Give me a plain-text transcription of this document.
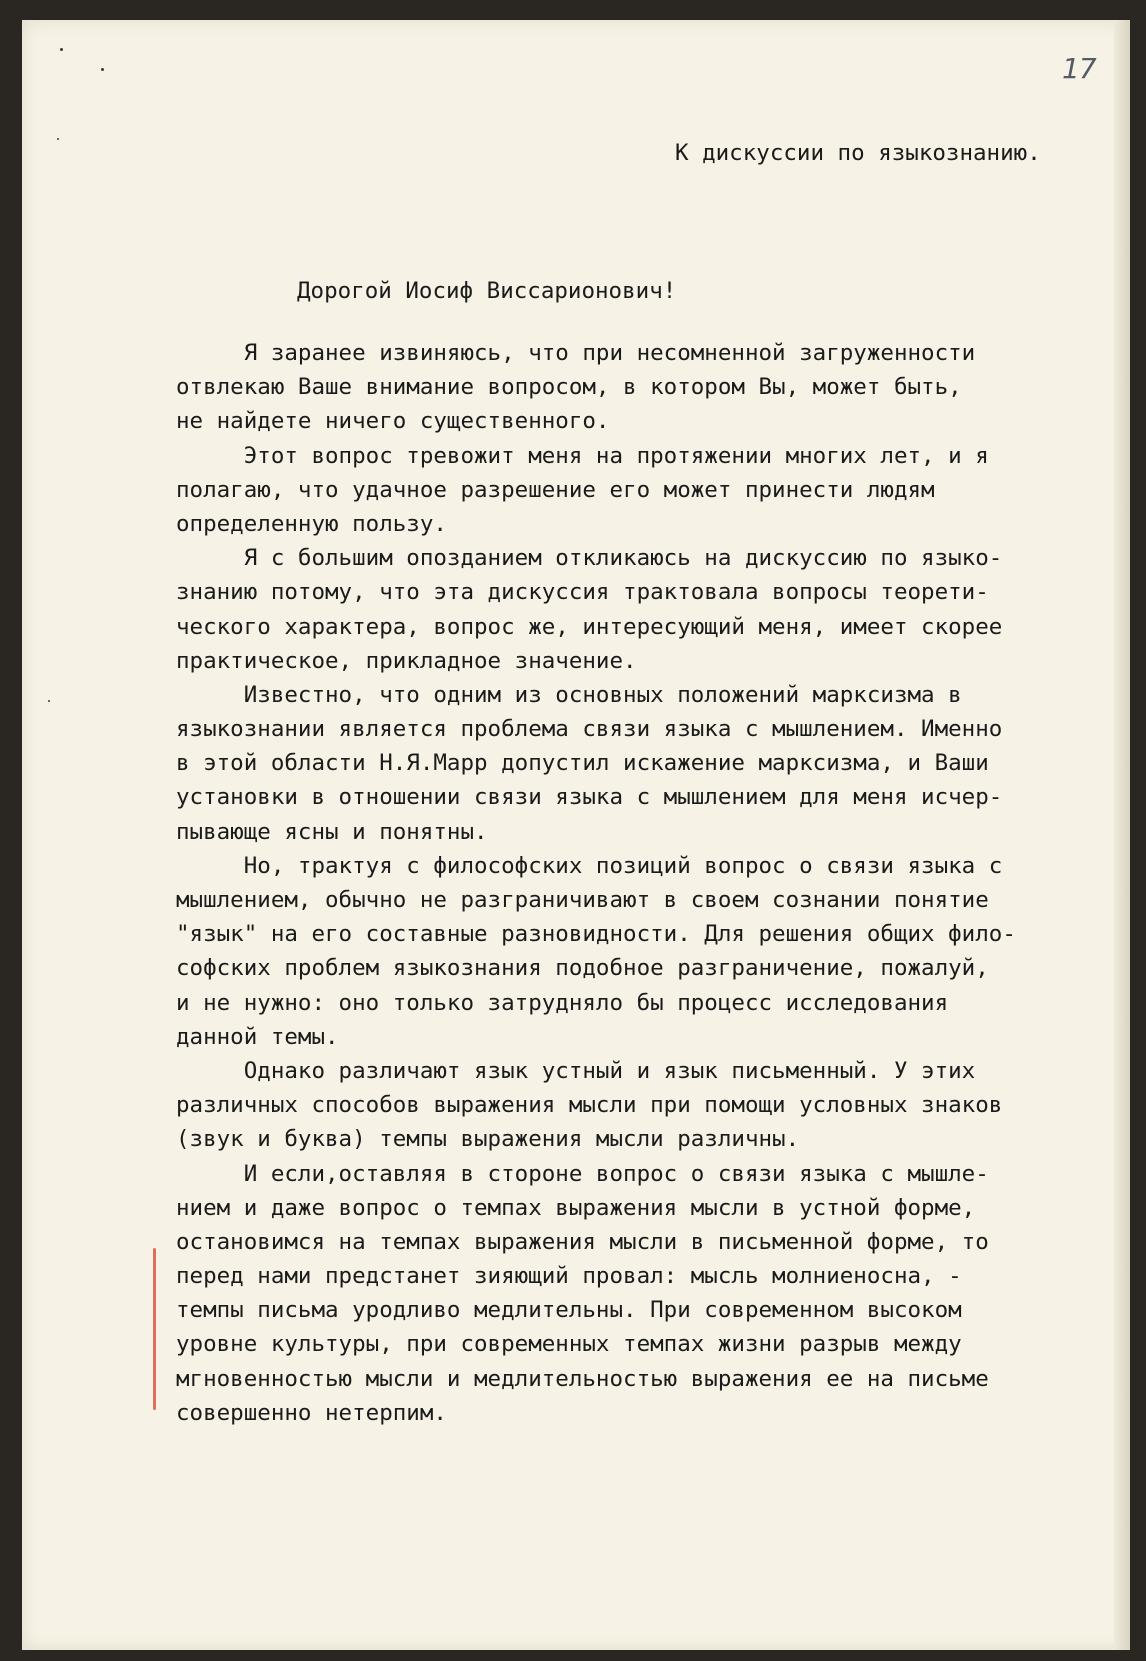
17
К дискуссии по языкознанию.
Дорогой Иосиф Виссарионович!
Я заранее извиняюсь, что при несомненной загруженности
отвлекаю Ваше внимание вопросом, в котором Вы, может быть,
не найдете ничего существенного.
Этот вопрос тревожит меня на протяжении многих лет, и я
полагаю, что удачное разрешение его может принести людям
определенную пользу.
Я с большим опозданием откликаюсь на дискуссию по языко-
знанию потому, что эта дискуссия трактовала вопросы теорети-
ческого характера, вопрос же, интересующий меня, имеет скорее
практическое, прикладное значение.
Известно, что одним из основных положений марксизма в
языкознании является проблема связи языка с мышлением. Именно
в этой области Н.Я.Марр допустил искажение марксизма, и Ваши
установки в отношении связи языка с мышлением для меня исчер-
пывающе ясны и понятны.
Но, трактуя с философских позиций вопрос о связи языка с
мышлением, обычно не разграничивают в своем сознании понятие
"язык" на его составные разновидности. Для решения общих фило-
софских проблем языкознания подобное разграничение, пожалуй,
и не нужно: оно только затрудняло бы процесс исследования
данной темы.
Однако различают язык устный и язык письменный. У этих
различных способов выражения мысли при помощи условных знаков
(звук и буква) темпы выражения мысли различны.
И если,оставляя в стороне вопрос о связи языка с мышле-
нием и даже вопрос о темпах выражения мысли в устной форме,
остановимся на темпах выражения мысли в письменной форме, то
перед нами предстанет зияющий провал: мысль молниеносна, -
темпы письма уродливо медлительны. При современном высоком
уровне культуры, при современных темпах жизни разрыв между
мгновенностью мысли и медлительностью выражения ее на письме
совершенно нетерпим.
